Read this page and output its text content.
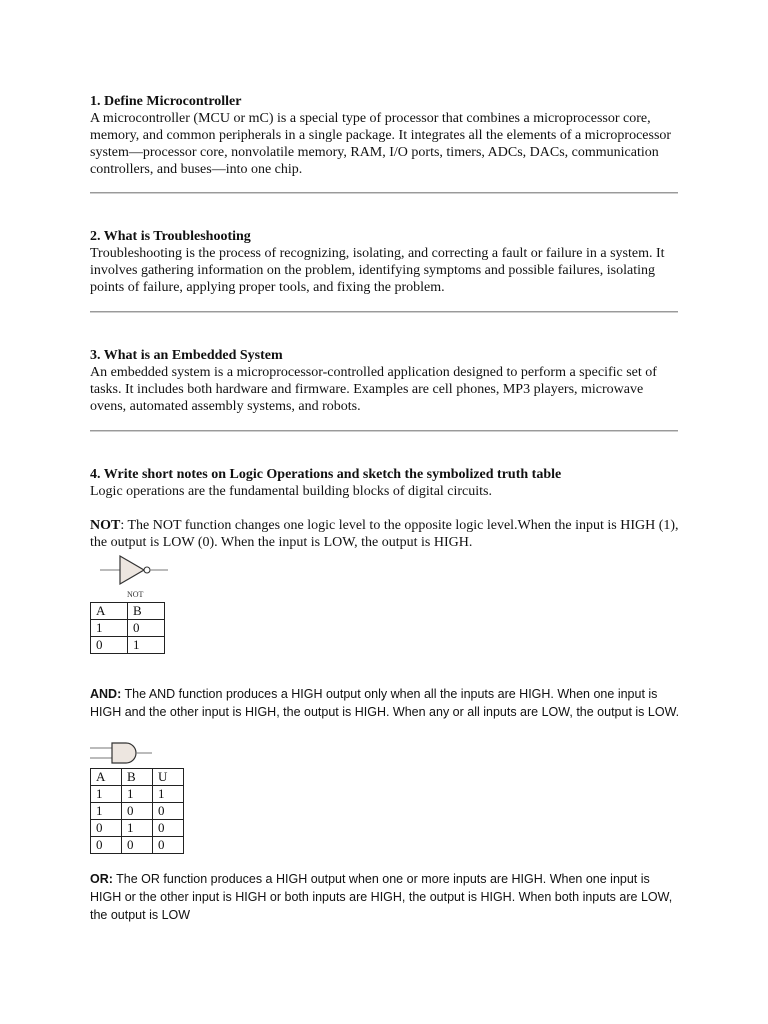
1. Define Microcontroller

A microcontroller (MCU or mC) is a special type of processor that combines a microprocessor core, memory, and common peripherals in a single package. It integrates all the elements of a microprocessor system—processor core, nonvolatile memory, RAM, I/O ports, timers, ADCs, DACs, communication controllers, and buses—into one chip.

2. What is Troubleshooting

Troubleshooting is the process of recognizing, isolating, and correcting a fault or failure in a system. It involves gathering information on the problem, identifying symptoms and possible failures, isolating points of failure, applying proper tools, and fixing the problem.

3. What is an Embedded System

An embedded system is a microprocessor-controlled application designed to perform a specific set of tasks. It includes both hardware and firmware. Examples are cell phones, MP3 players, microwave ovens, automated assembly systems, and robots.

4. Write short notes on Logic Operations and sketch the symbolized truth table

Logic operations are the fundamental building blocks of digital circuits.

NOT: The NOT function changes one logic level to the opposite logic level.When the input is HIGH (1), the output is LOW (0). When the input is LOW, the output is HIGH.

NOT
A	B
1	0
0	1

AND: The AND function produces a HIGH output only when all the inputs are HIGH. When one input is HIGH and the other input is HIGH, the output is HIGH. When any or all inputs are LOW, the output is LOW.

A	B	U
1	1	1
1	0	0
0	1	0
0	0	0

OR: The OR function produces a HIGH output when one or more inputs are HIGH. When one input is HIGH or the other input is HIGH or both inputs are HIGH, the output is HIGH. When both inputs are LOW, the output is LOW
